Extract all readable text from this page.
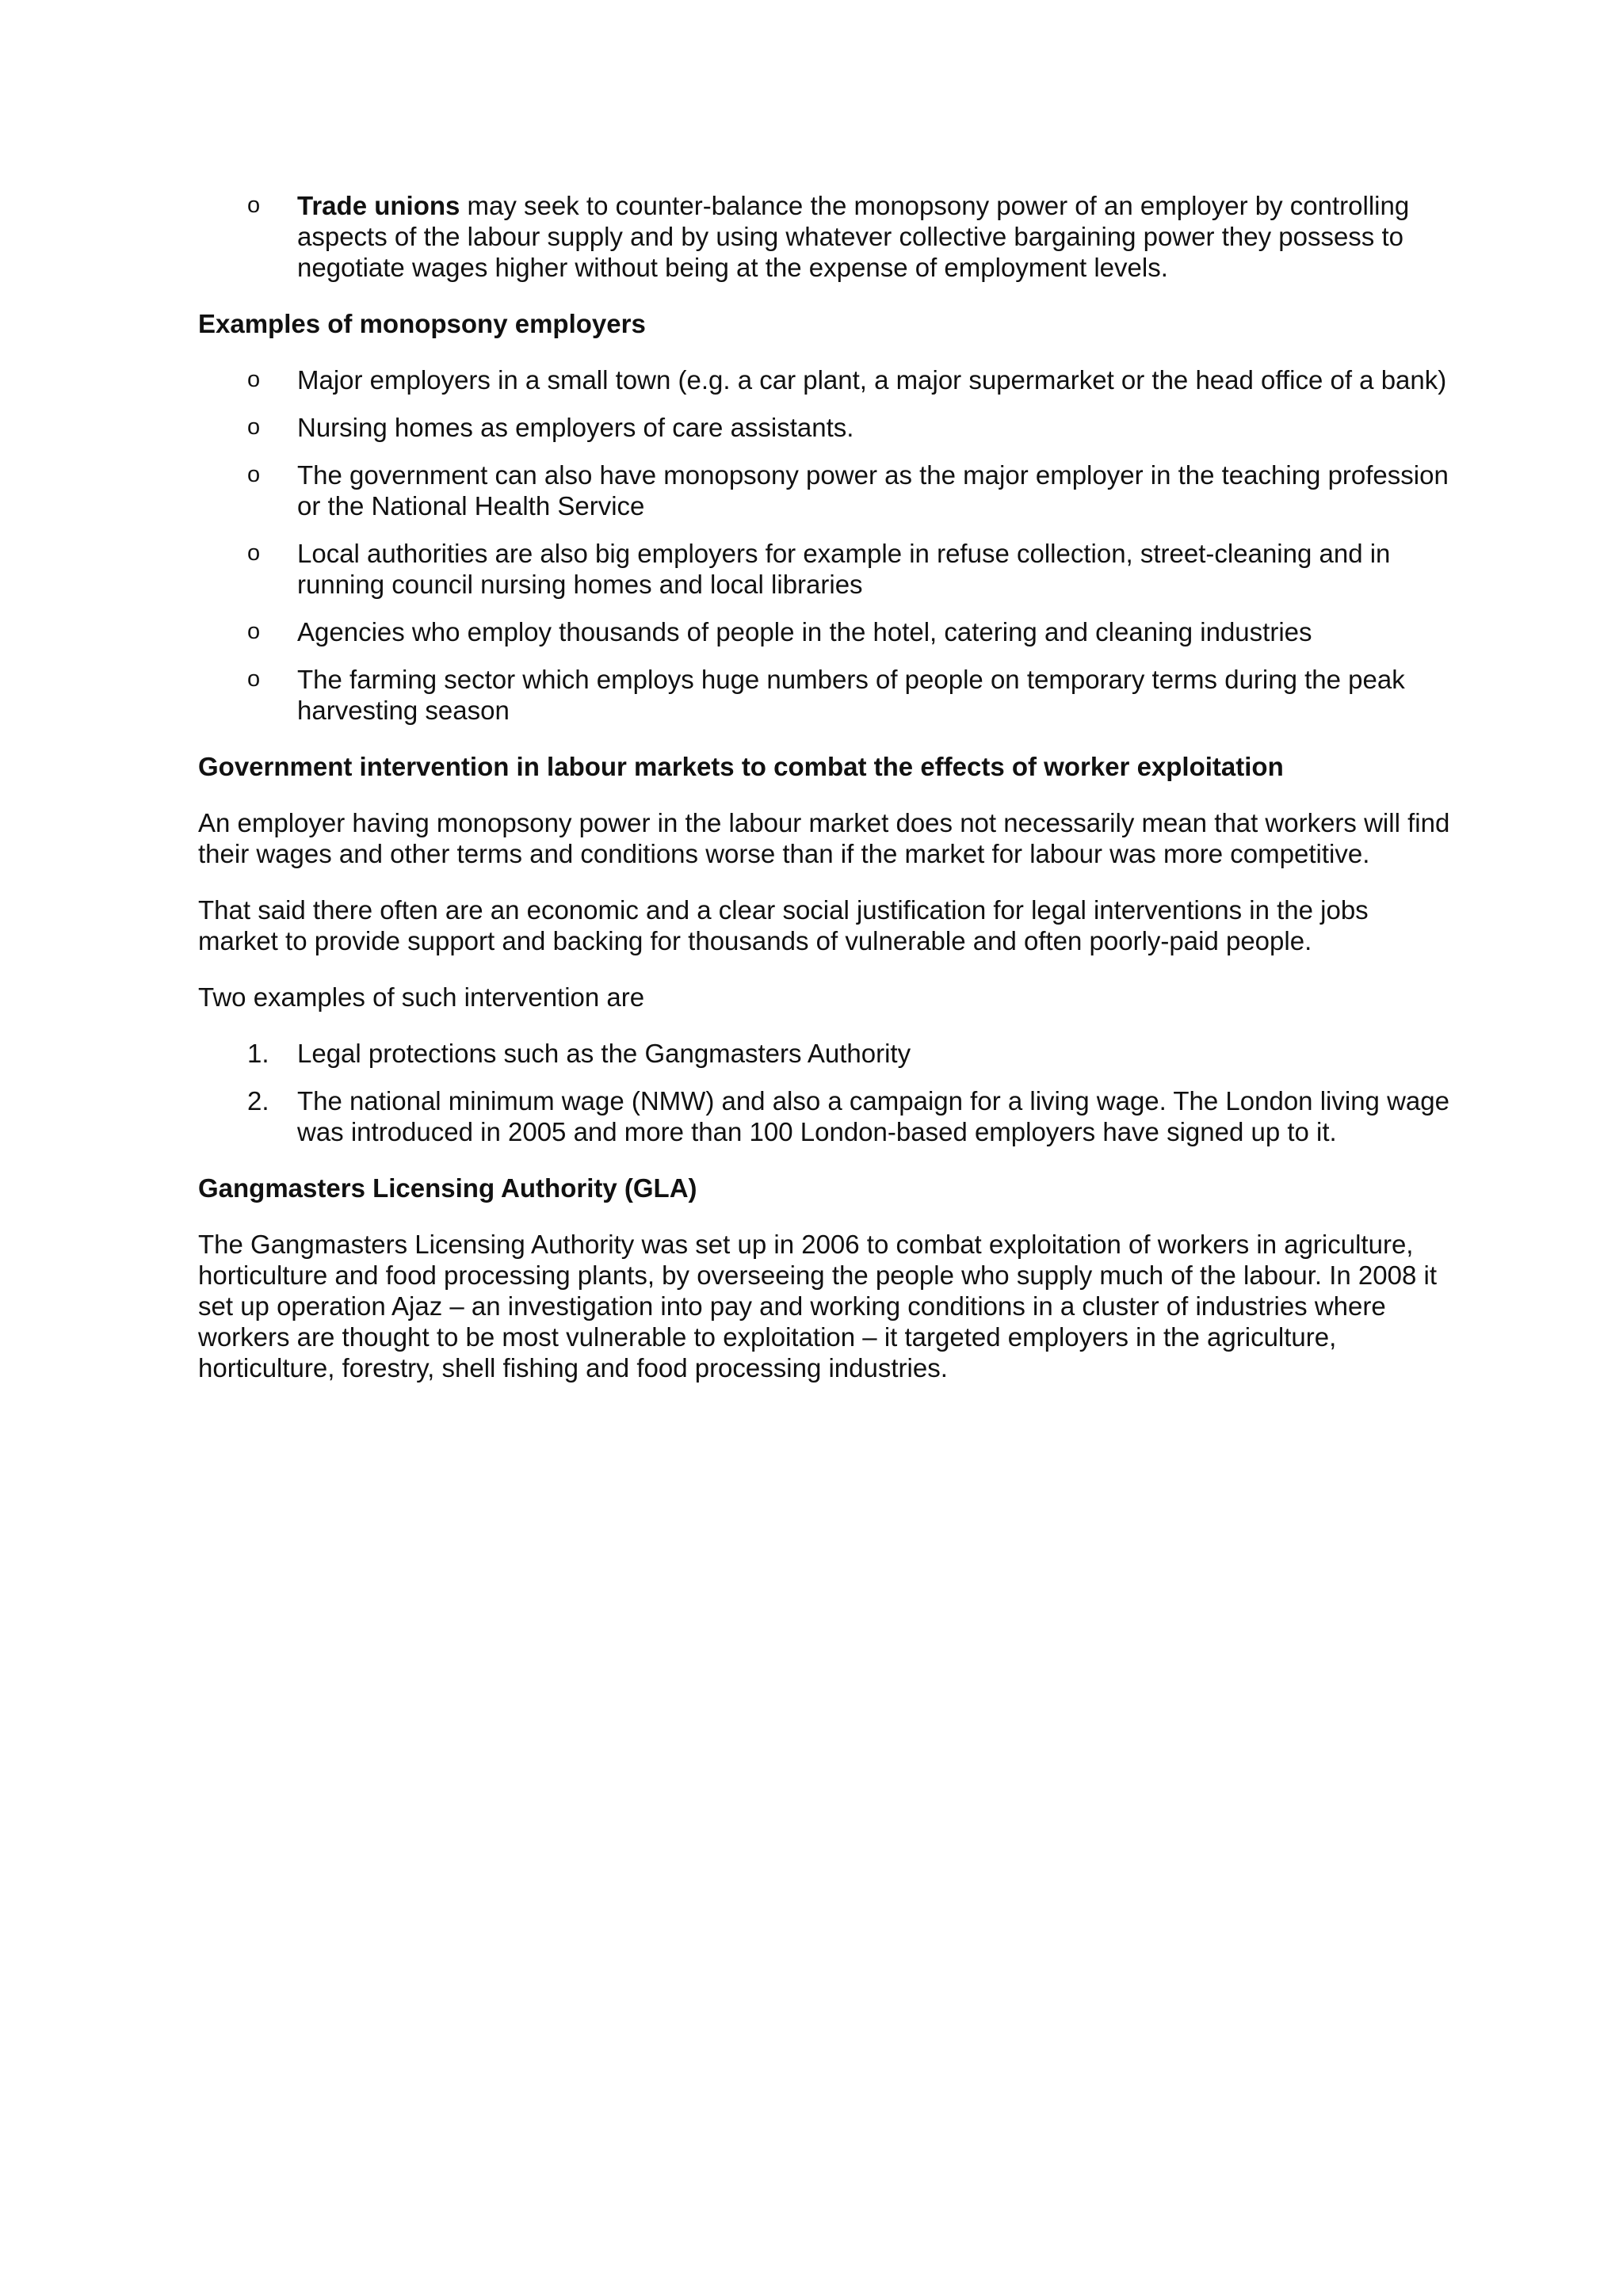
o	Trade unions may seek to counter-balance the monopsony power of an employer by controlling aspects of the labour supply and by using whatever collective bargaining power they possess to negotiate wages higher without being at the expense of employment levels.
Examples of monopsony employers
o	Major employers in a small town (e.g. a car plant, a major supermarket or the head office of a bank)
o	Nursing homes as employers of care assistants.
o	The government can also have monopsony power as the major employer in the teaching profession or the National Health Service
o	Local authorities are also big employers for example in refuse collection, street-cleaning and in running council nursing homes and local libraries
o	Agencies who employ thousands of people in the hotel, catering and cleaning industries
o	The farming sector which employs huge numbers of people on temporary terms during the peak harvesting season
Government intervention in labour markets to combat the effects of worker exploitation

An employer having monopsony power in the labour market does not necessarily mean that workers will find their wages and other terms and conditions worse than if the market for labour was more competitive.

That said there often are an economic and a clear social justification for legal interventions in the jobs market to provide support and backing for thousands of vulnerable and often poorly-paid people.

Two examples of such intervention are

1.	Legal protections such as the Gangmasters Authority
2.	The national minimum wage (NMW) and also a campaign for a living wage. The London living wage was introduced in 2005 and more than 100 London-based employers have signed up to it.
Gangmasters Licensing Authority (GLA)

The Gangmasters Licensing Authority was set up in 2006 to combat exploitation of workers in agriculture, horticulture and food processing plants, by overseeing the people who supply much of the labour. In 2008 it set up operation Ajaz – an investigation into pay and working conditions in a cluster of industries where workers are thought to be most vulnerable to exploitation – it targeted employers in the agriculture, horticulture, forestry, shell fishing and food processing industries.
